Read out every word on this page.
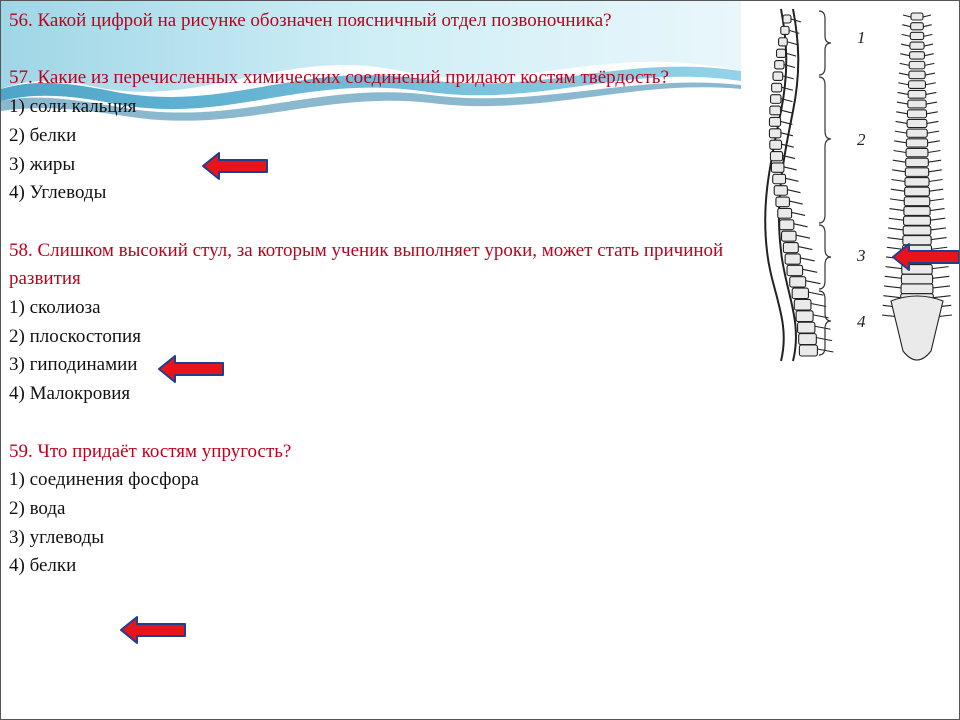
56. Какой цифрой на рисунке обозначен поясничный отдел позвоночника?
57. Какие из перечисленных химических соединений придают костям твёрдость?
1) соли кальция
2) белки
3) жиры
4) Углеводы
58. Слишком высокий стул, за которым ученик выполняет уроки, может стать причиной развития
1) сколиоза
2) плоскостопия
3) гиподинамии
4) Малокровия
59. Что придаёт костям упругость?
1) соединения фосфора
2) вода
3) углеводы
4) белки
1
2
3
4
